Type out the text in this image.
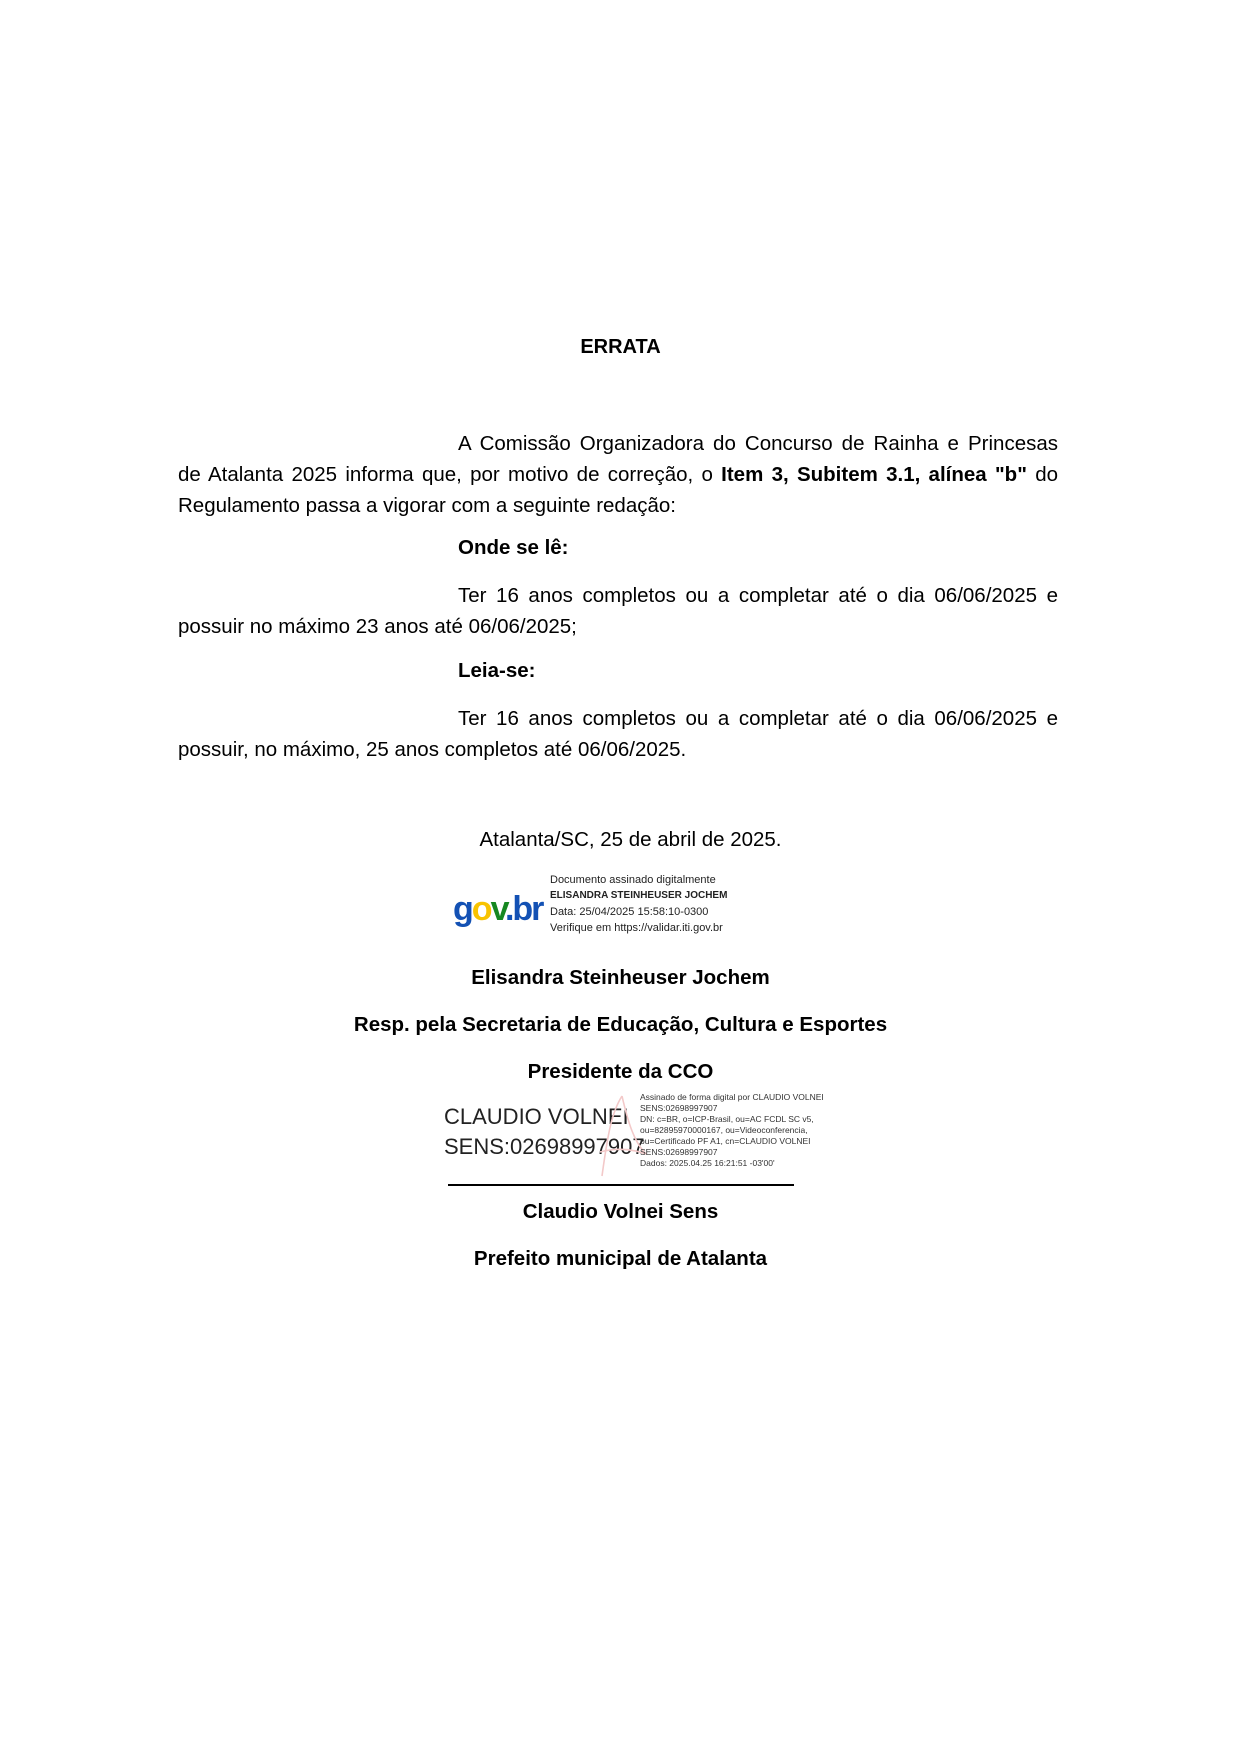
ERRATA
A Comissão Organizadora do Concurso de Rainha e Princesas de Atalanta 2025 informa que, por motivo de correção, o Item 3, Subitem 3.1, alínea "b" do Regulamento passa a vigorar com a seguinte redação:
Onde se lê:
Ter 16 anos completos ou a completar até o dia 06/06/2025 e possuir no máximo 23 anos até 06/06/2025;
Leia-se:
Ter 16 anos completos ou a completar até o dia 06/06/2025 e possuir, no máximo, 25 anos completos até 06/06/2025.
Atalanta/SC, 25 de abril de 2025.
gov.br
Documento assinado digitalmente
ELISANDRA STEINHEUSER JOCHEM
Data: 25/04/2025 15:58:10-0300
Verifique em https://validar.iti.gov.br
Elisandra Steinheuser Jochem
Resp. pela Secretaria de Educação, Cultura e Esportes
Presidente da CCO
CLAUDIO VOLNEI
SENS:02698997907
Assinado de forma digital por CLAUDIO VOLNEI
SENS:02698997907
DN: c=BR, o=ICP-Brasil, ou=AC FCDL SC v5,
ou=82895970000167, ou=Videoconferencia,
ou=Certificado PF A1, cn=CLAUDIO VOLNEI
SENS:02698997907
Dados: 2025.04.25 16:21:51 -03'00'
Claudio Volnei Sens
Prefeito municipal de Atalanta
